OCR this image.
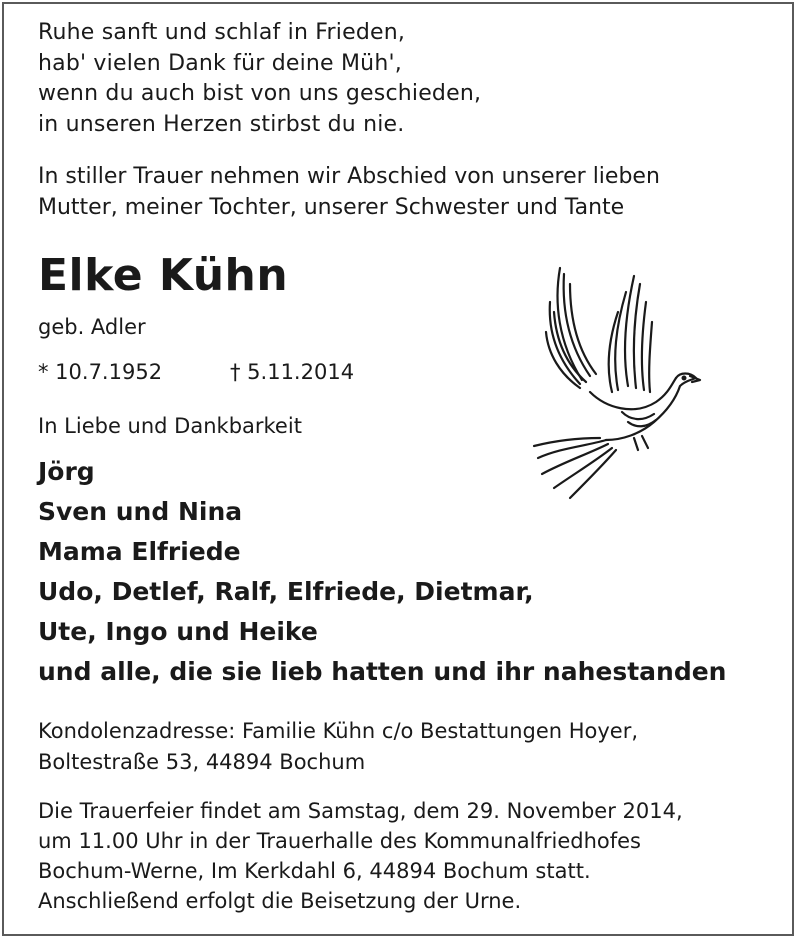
Ruhe sanft und schlaf in Frieden,
hab' vielen Dank für deine Müh',
wenn du auch bist von uns geschieden,
in unseren Herzen stirbst du nie.
In stiller Trauer nehmen wir Abschied von unserer lieben
Mutter, meiner Tochter, unserer Schwester und Tante
Elke Kühn
geb. Adler
* 10.7.1952	† 5.11.2014
In Liebe und Dankbarkeit
Jörg
Sven und Nina
Mama Elfriede
Udo, Detlef, Ralf, Elfriede, Dietmar,
Ute, Ingo und Heike
und alle, die sie lieb hatten und ihr nahestanden
Kondolenzadresse: Familie Kühn c/o Bestattungen Hoyer,
Boltestraße 53, 44894 Bochum
Die Trauerfeier findet am Samstag, dem 29. November 2014,
um 11.00 Uhr in der Trauerhalle des Kommunalfriedhofes
Bochum-Werne, Im Kerkdahl 6, 44894 Bochum statt.
Anschließend erfolgt die Beisetzung der Urne.
